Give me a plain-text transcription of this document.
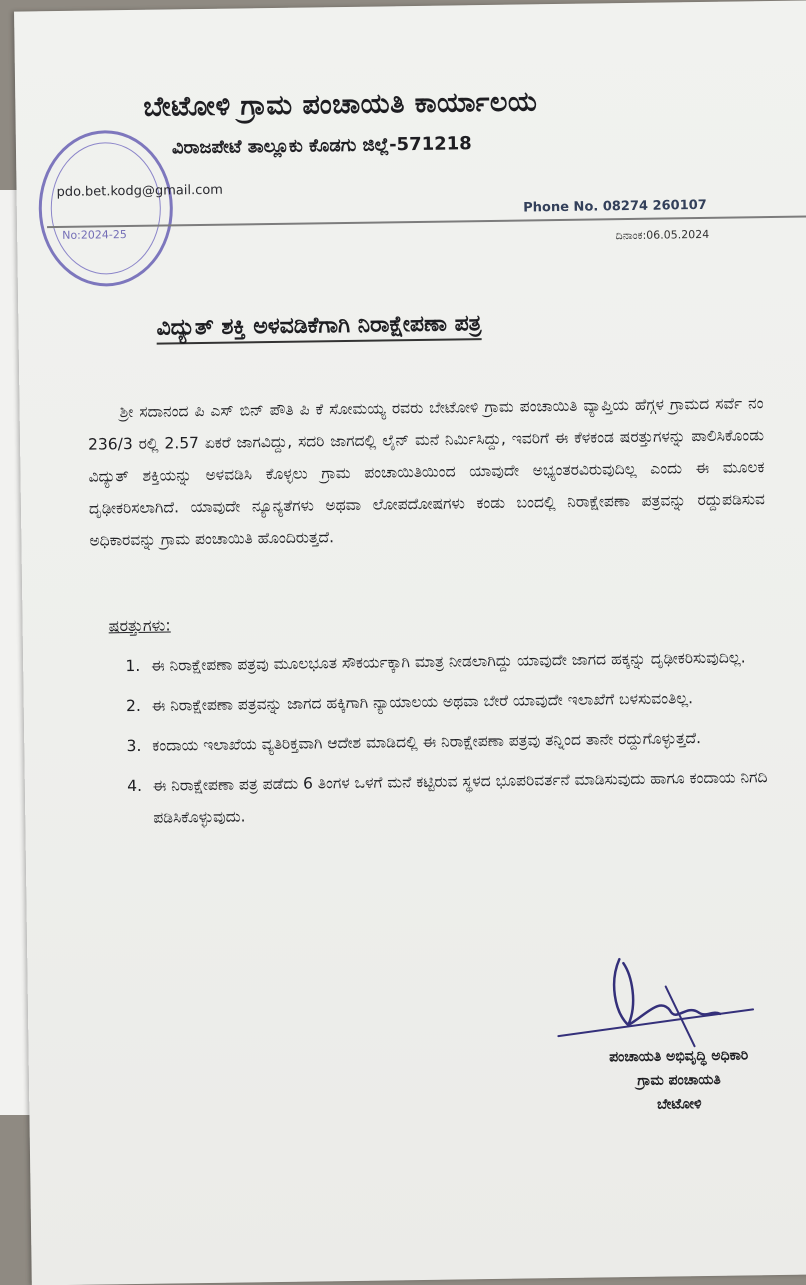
No:2024-25
ಬೇಟೋಳಿ ಗ್ರಾಮ ಪಂಚಾಯತಿ ಕಾರ್ಯಾಲಯ
ವಿರಾಜಪೇಟೆ ತಾಲ್ಲೂಕು ಕೊಡಗು ಜಿಲ್ಲೆ-571218
pdo.bet.kodg@gmail.com
Phone No. 08274 260107
ದಿನಾಂಕ:06.05.2024
ವಿದ್ಯುತ್ ಶಕ್ತಿ ಅಳವಡಿಕೆಗಾಗಿ ನಿರಾಕ್ಷೇಪಣಾ ಪತ್ರ

ಶ್ರೀ ಸದಾನಂದ ಪಿ ಎಸ್ ಬಿನ್ ಪೌತಿ ಪಿ ಕೆ ಸೋಮಯ್ಯ ರವರು ಬೇಟೋಳಿ ಗ್ರಾಮ ಪಂಚಾಯಿತಿ ವ್ಯಾಪ್ತಿಯ ಹೆಗ್ಗಳ ಗ್ರಾಮದ ಸರ್ವೆ ನಂ 236/3 ರಲ್ಲಿ 2.57 ಏಕರೆ ಜಾಗವಿದ್ದು, ಸದರಿ ಜಾಗದಲ್ಲಿ ಲೈನ್ ಮನೆ ನಿರ್ಮಿಸಿದ್ದು, ಇವರಿಗೆ ಈ ಕೆಳಕಂಡ ಷರತ್ತುಗಳನ್ನು ಪಾಲಿಸಿಕೊಂಡು ವಿದ್ಯುತ್ ಶಕ್ತಿಯನ್ನು ಅಳವಡಿಸಿ ಕೊಳ್ಳಲು ಗ್ರಾಮ ಪಂಚಾಯಿತಿಯಿಂದ ಯಾವುದೇ ಅಭ್ಯಂತರವಿರುವುದಿಲ್ಲ ಎಂದು ಈ ಮೂಲಕ ದೃಢೀಕರಿಸಲಾಗಿದೆ. ಯಾವುದೇ ನ್ಯೂನ್ಯತೆಗಳು ಅಥವಾ ಲೋಪದೋಷಗಳು ಕಂಡು ಬಂದಲ್ಲಿ ನಿರಾಕ್ಷೇಪಣಾ ಪತ್ರವನ್ನು ರದ್ದುಪಡಿಸುವ ಅಧಿಕಾರವನ್ನು ಗ್ರಾಮ ಪಂಚಾಯಿತಿ ಹೊಂದಿರುತ್ತದೆ.

ಷರತ್ತುಗಳು:
1. ಈ ನಿರಾಕ್ಷೇಪಣಾ ಪತ್ರವು ಮೂಲಭೂತ ಸೌಕರ್ಯಕ್ಕಾಗಿ ಮಾತ್ರ ನೀಡಲಾಗಿದ್ದು ಯಾವುದೇ ಜಾಗದ ಹಕ್ಕನ್ನು ದೃಢೀಕರಿಸುವುದಿಲ್ಲ.
2. ಈ ನಿರಾಕ್ಷೇಪಣಾ ಪತ್ರವನ್ನು ಜಾಗದ ಹಕ್ಕಿಗಾಗಿ ನ್ಯಾಯಾಲಯ ಅಥವಾ ಬೇರೆ ಯಾವುದೇ ಇಲಾಖೆಗೆ ಬಳಸುವಂತಿಲ್ಲ.
3. ಕಂದಾಯ ಇಲಾಖೆಯ ವ್ಯತಿರಿಕ್ತವಾಗಿ ಆದೇಶ ಮಾಡಿದಲ್ಲಿ ಈ ನಿರಾಕ್ಷೇಪಣಾ ಪತ್ರವು ತನ್ನಿಂದ ತಾನೇ ರದ್ದುಗೊಳ್ಳುತ್ತದೆ.
4. ಈ ನಿರಾಕ್ಷೇಪಣಾ ಪತ್ರ ಪಡೆದು 6 ತಿಂಗಳ ಒಳಗೆ ಮನೆ ಕಟ್ಟಿರುವ ಸ್ಥಳದ ಭೂಪರಿವರ್ತನೆ ಮಾಡಿಸುವುದು ಹಾಗೂ ಕಂದಾಯ ನಿಗದಿ ಪಡಿಸಿಕೊಳ್ಳುವುದು.
ಪಂಚಾಯತಿ ಅಭಿವೃದ್ಧಿ ಅಧಿಕಾರಿ
ಗ್ರಾಮ ಪಂಚಾಯತಿ
ಬೇಟೋಳಿ
